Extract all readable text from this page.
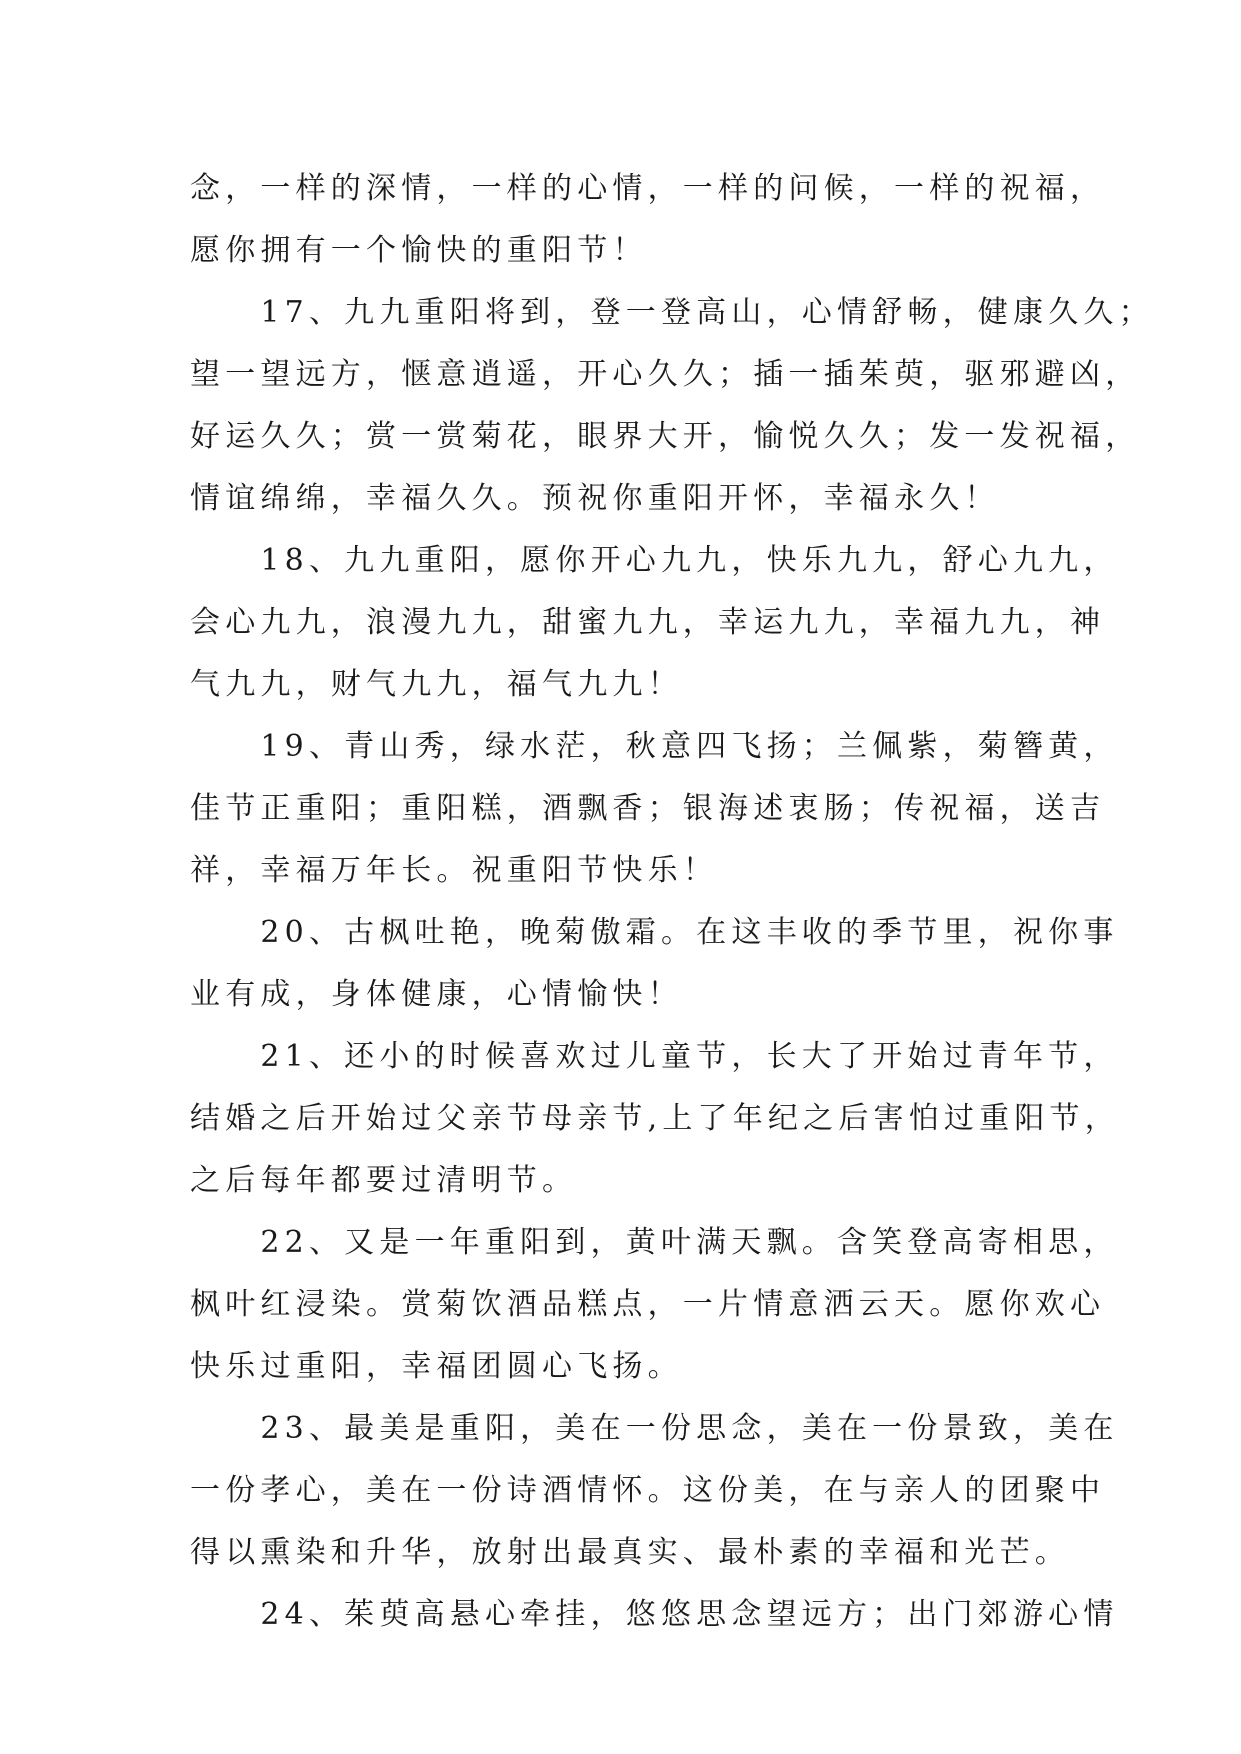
念，一样的深情，一样的心情，一样的问候，一样的祝福，
愿你拥有一个愉快的重阳节！
　　17、九九重阳将到，登一登高山，心情舒畅，健康久久；
望一望远方，惬意逍遥，开心久久；插一插茱萸，驱邪避凶，
好运久久；赏一赏菊花，眼界大开，愉悦久久；发一发祝福，
情谊绵绵，幸福久久。预祝你重阳开怀，幸福永久！
　　18、九九重阳，愿你开心九九，快乐九九，舒心九九，
会心九九，浪漫九九，甜蜜九九，幸运九九，幸福九九，神
气九九，财气九九，福气九九！
　　19、青山秀，绿水茫，秋意四飞扬；兰佩紫，菊簪黄，
佳节正重阳；重阳糕，酒飘香；银海述衷肠；传祝福，送吉
祥，幸福万年长。祝重阳节快乐！
　　20、古枫吐艳，晚菊傲霜。在这丰收的季节里，祝你事
业有成，身体健康，心情愉快！
　　21、还小的时候喜欢过儿童节，长大了开始过青年节，
结婚之后开始过父亲节母亲节,上了年纪之后害怕过重阳节，
之后每年都要过清明节。
　　22、又是一年重阳到，黄叶满天飘。含笑登高寄相思，
枫叶红浸染。赏菊饮酒品糕点，一片情意洒云天。愿你欢心
快乐过重阳，幸福团圆心飞扬。
　　23、最美是重阳，美在一份思念，美在一份景致，美在
一份孝心，美在一份诗酒情怀。这份美，在与亲人的团聚中
得以熏染和升华，放射出最真实、最朴素的幸福和光芒。
　　24、茱萸高悬心牵挂，悠悠思念望远方；出门郊游心情
